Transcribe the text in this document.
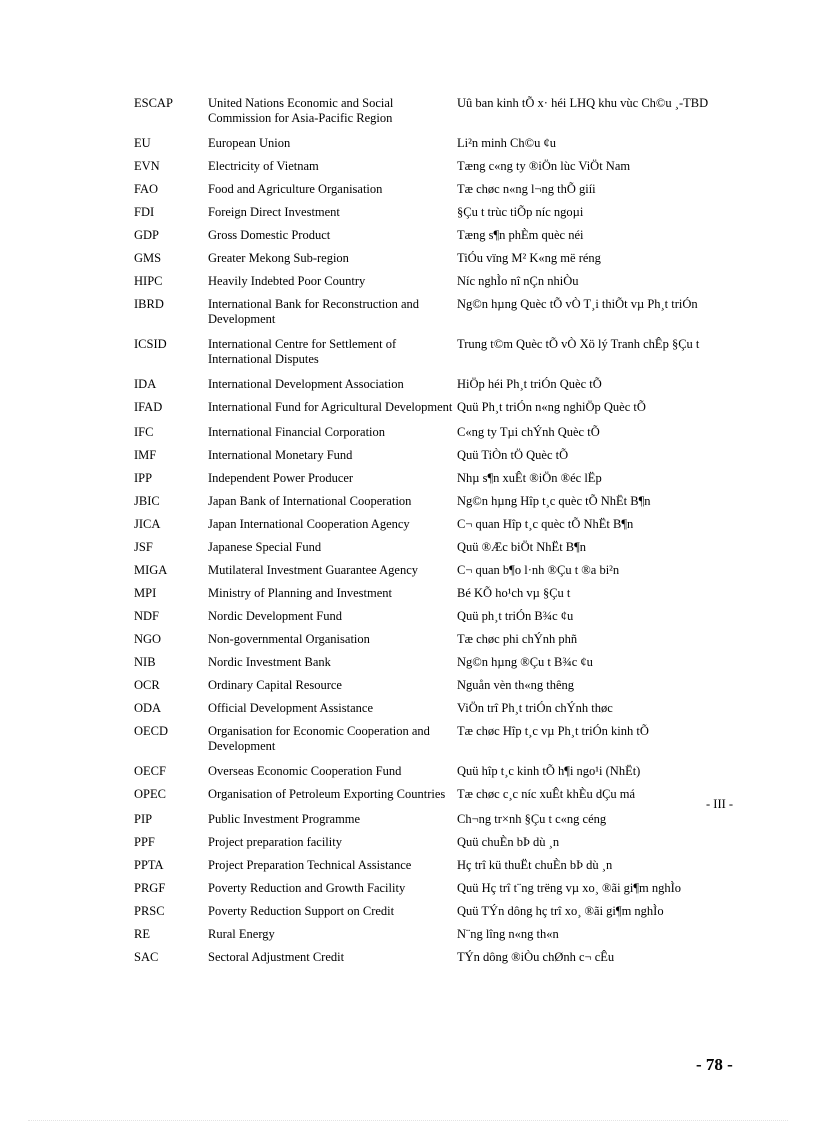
ESCAP	United Nations Economic and Social Commission for Asia-Pacific Region	Uû ban kinh tÕ x· héi LHQ khu vùc Ch©u ¸-TBD
EU	European Union	Li²n minh Ch©u ¢u
EVN	Electricity of Vietnam	Tæng c«ng ty ®iÖn lùc ViÖt Nam
FAO	Food and Agriculture Organisation	Tæ chøc n«ng l¬ng thÕ giíi
FDI	Foreign Direct Investment	§Çu t trùc tiÕp níc ngoµi
GDP	Gross Domestic Product	Tæng s¶n phÈm quèc néi
GMS	Greater Mekong Sub-region	TiÓu vïng M² K«ng më réng
HIPC	Heavily Indebted Poor Country	Níc nghÌo nî nÇn nhiÒu
IBRD	International Bank for Reconstruction and Development	Ng©n hµng Quèc tÕ vÒ T¸i thiÕt vµ Ph¸t triÓn
ICSID	International Centre for Settlement of International Disputes	Trung t©m Quèc tÕ vÒ Xö lý Tranh chÊp §Çu t
IDA	International Development Association	HiÖp héi Ph¸t triÓn Quèc tÕ
IFAD	International Fund for Agricultural Development	Quü Ph¸t triÓn n«ng nghiÖp Quèc tÕ
IFC	International Financial Corporation	C«ng ty Tµi chÝnh Quèc tÕ
IMF	International Monetary Fund	Quü TiÒn tÖ Quèc tÕ
IPP	Independent Power Producer	Nhµ s¶n xuÊt ®iÖn ®éc lËp
JBIC	Japan Bank of International Cooperation	Ng©n hµng Hîp t¸c quèc tÕ NhËt B¶n
JICA	Japan International Cooperation Agency	C¬ quan Hîp t¸c quèc tÕ NhËt B¶n
JSF	Japanese Special Fund	Quü ®Æc biÖt NhËt B¶n
MIGA	Mutilateral Investment Guarantee Agency	C¬ quan b¶o l·nh ®Çu t ®a bi²n
MPI	Ministry of Planning and Investment	Bé KÕ ho¹ch vµ §Çu t
NDF	Nordic Development Fund	Quü ph¸t triÓn B¾c ¢u
NGO	Non-governmental Organisation	Tæ chøc phi chÝnh phñ
NIB	Nordic Investment Bank	Ng©n hµng ®Çu t B¾c ¢u
OCR	Ordinary Capital Resource	Nguån vèn th«ng thêng
ODA	Official Development Assistance	ViÖn trî Ph¸t triÓn chÝnh thøc
OECD	Organisation for Economic Cooperation and Development	Tæ chøc Hîp t¸c vµ Ph¸t triÓn kinh tÕ
OECF	Overseas Economic Cooperation Fund	Quü hîp t¸c kinh tÕ h¶i ngo¹i (NhËt)
OPEC	Organisation of Petroleum Exporting Countries	Tæ chøc c¸c níc xuÊt khÈu dÇu má
PIP	Public Investment Programme	Ch¬ng tr×nh §Çu t c«ng céng
PPF	Project preparation facility	Quü chuÈn bÞ dù ¸n
PPTA	Project Preparation Technical Assistance	Hç trî kü thuËt chuÈn bÞ dù ¸n
PRGF	Poverty Reduction and Growth Facility	Quü Hç trî t¨ng trëng vµ xo¸ ®ãi gi¶m nghÌo
PRSC	Poverty Reduction Support on Credit	Quü TÝn dông hç trî xo¸ ®ãi gi¶m nghÌo
RE	Rural Energy	N¨ng lîng n«ng th«n
SAC	Sectoral Adjustment Credit	TÝn dông ®iÒu chØnh c¬ cÊu
- III -
- 78 -
